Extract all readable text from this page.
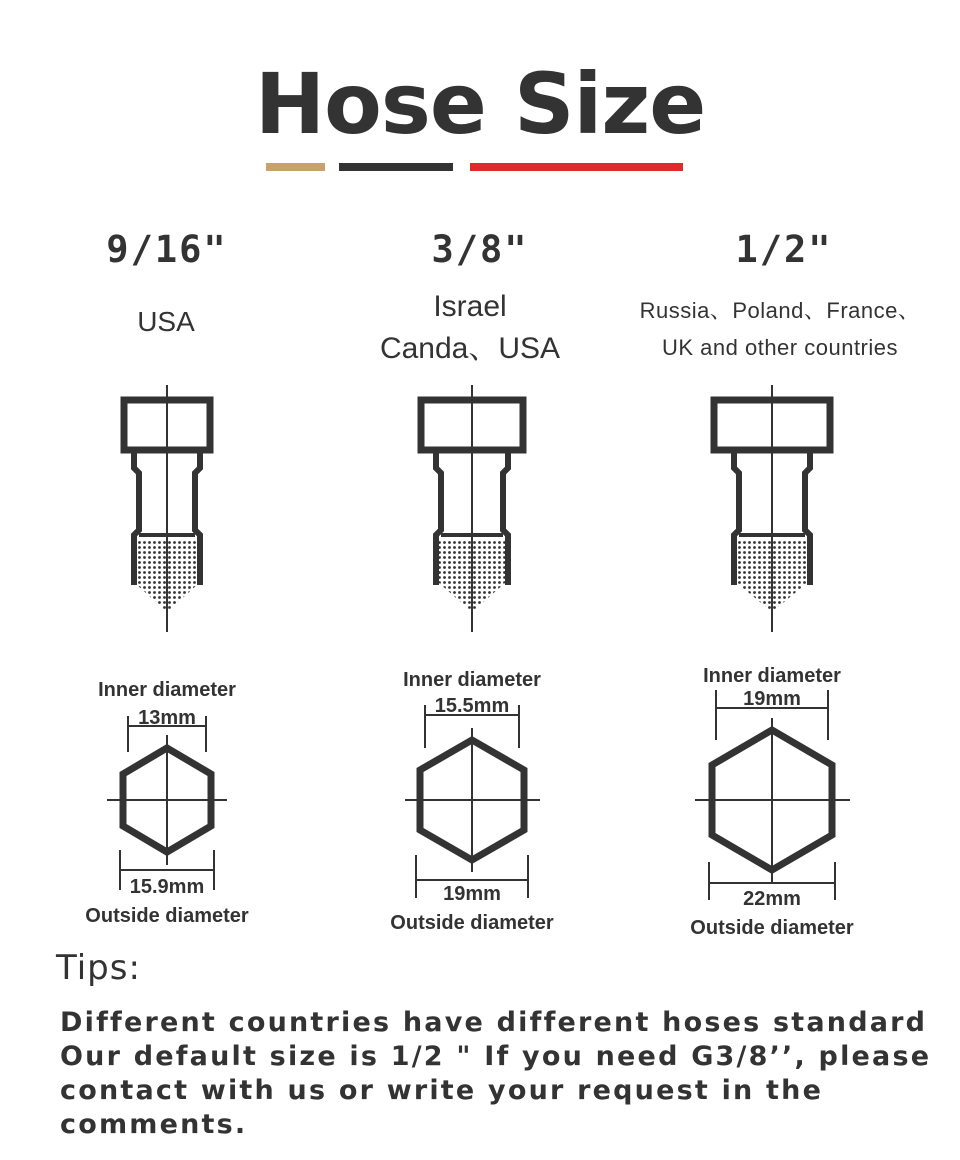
Hose Size
9/16"	3/8"	1/2"
USA	Israel
Canda、USA
Russia、Poland、France、
UK and other countries
Inner diameter
13mm
15.9mm
Outside diameter
Inner diameter
15.5mm
19mm
Outside diameter
Inner diameter
19mm
22mm
Outside diameter
Tips:
Different countries have different hoses standard
Our default size is 1/2 " If you need G3/8’’, please
contact with us or write your request in the
comments.
